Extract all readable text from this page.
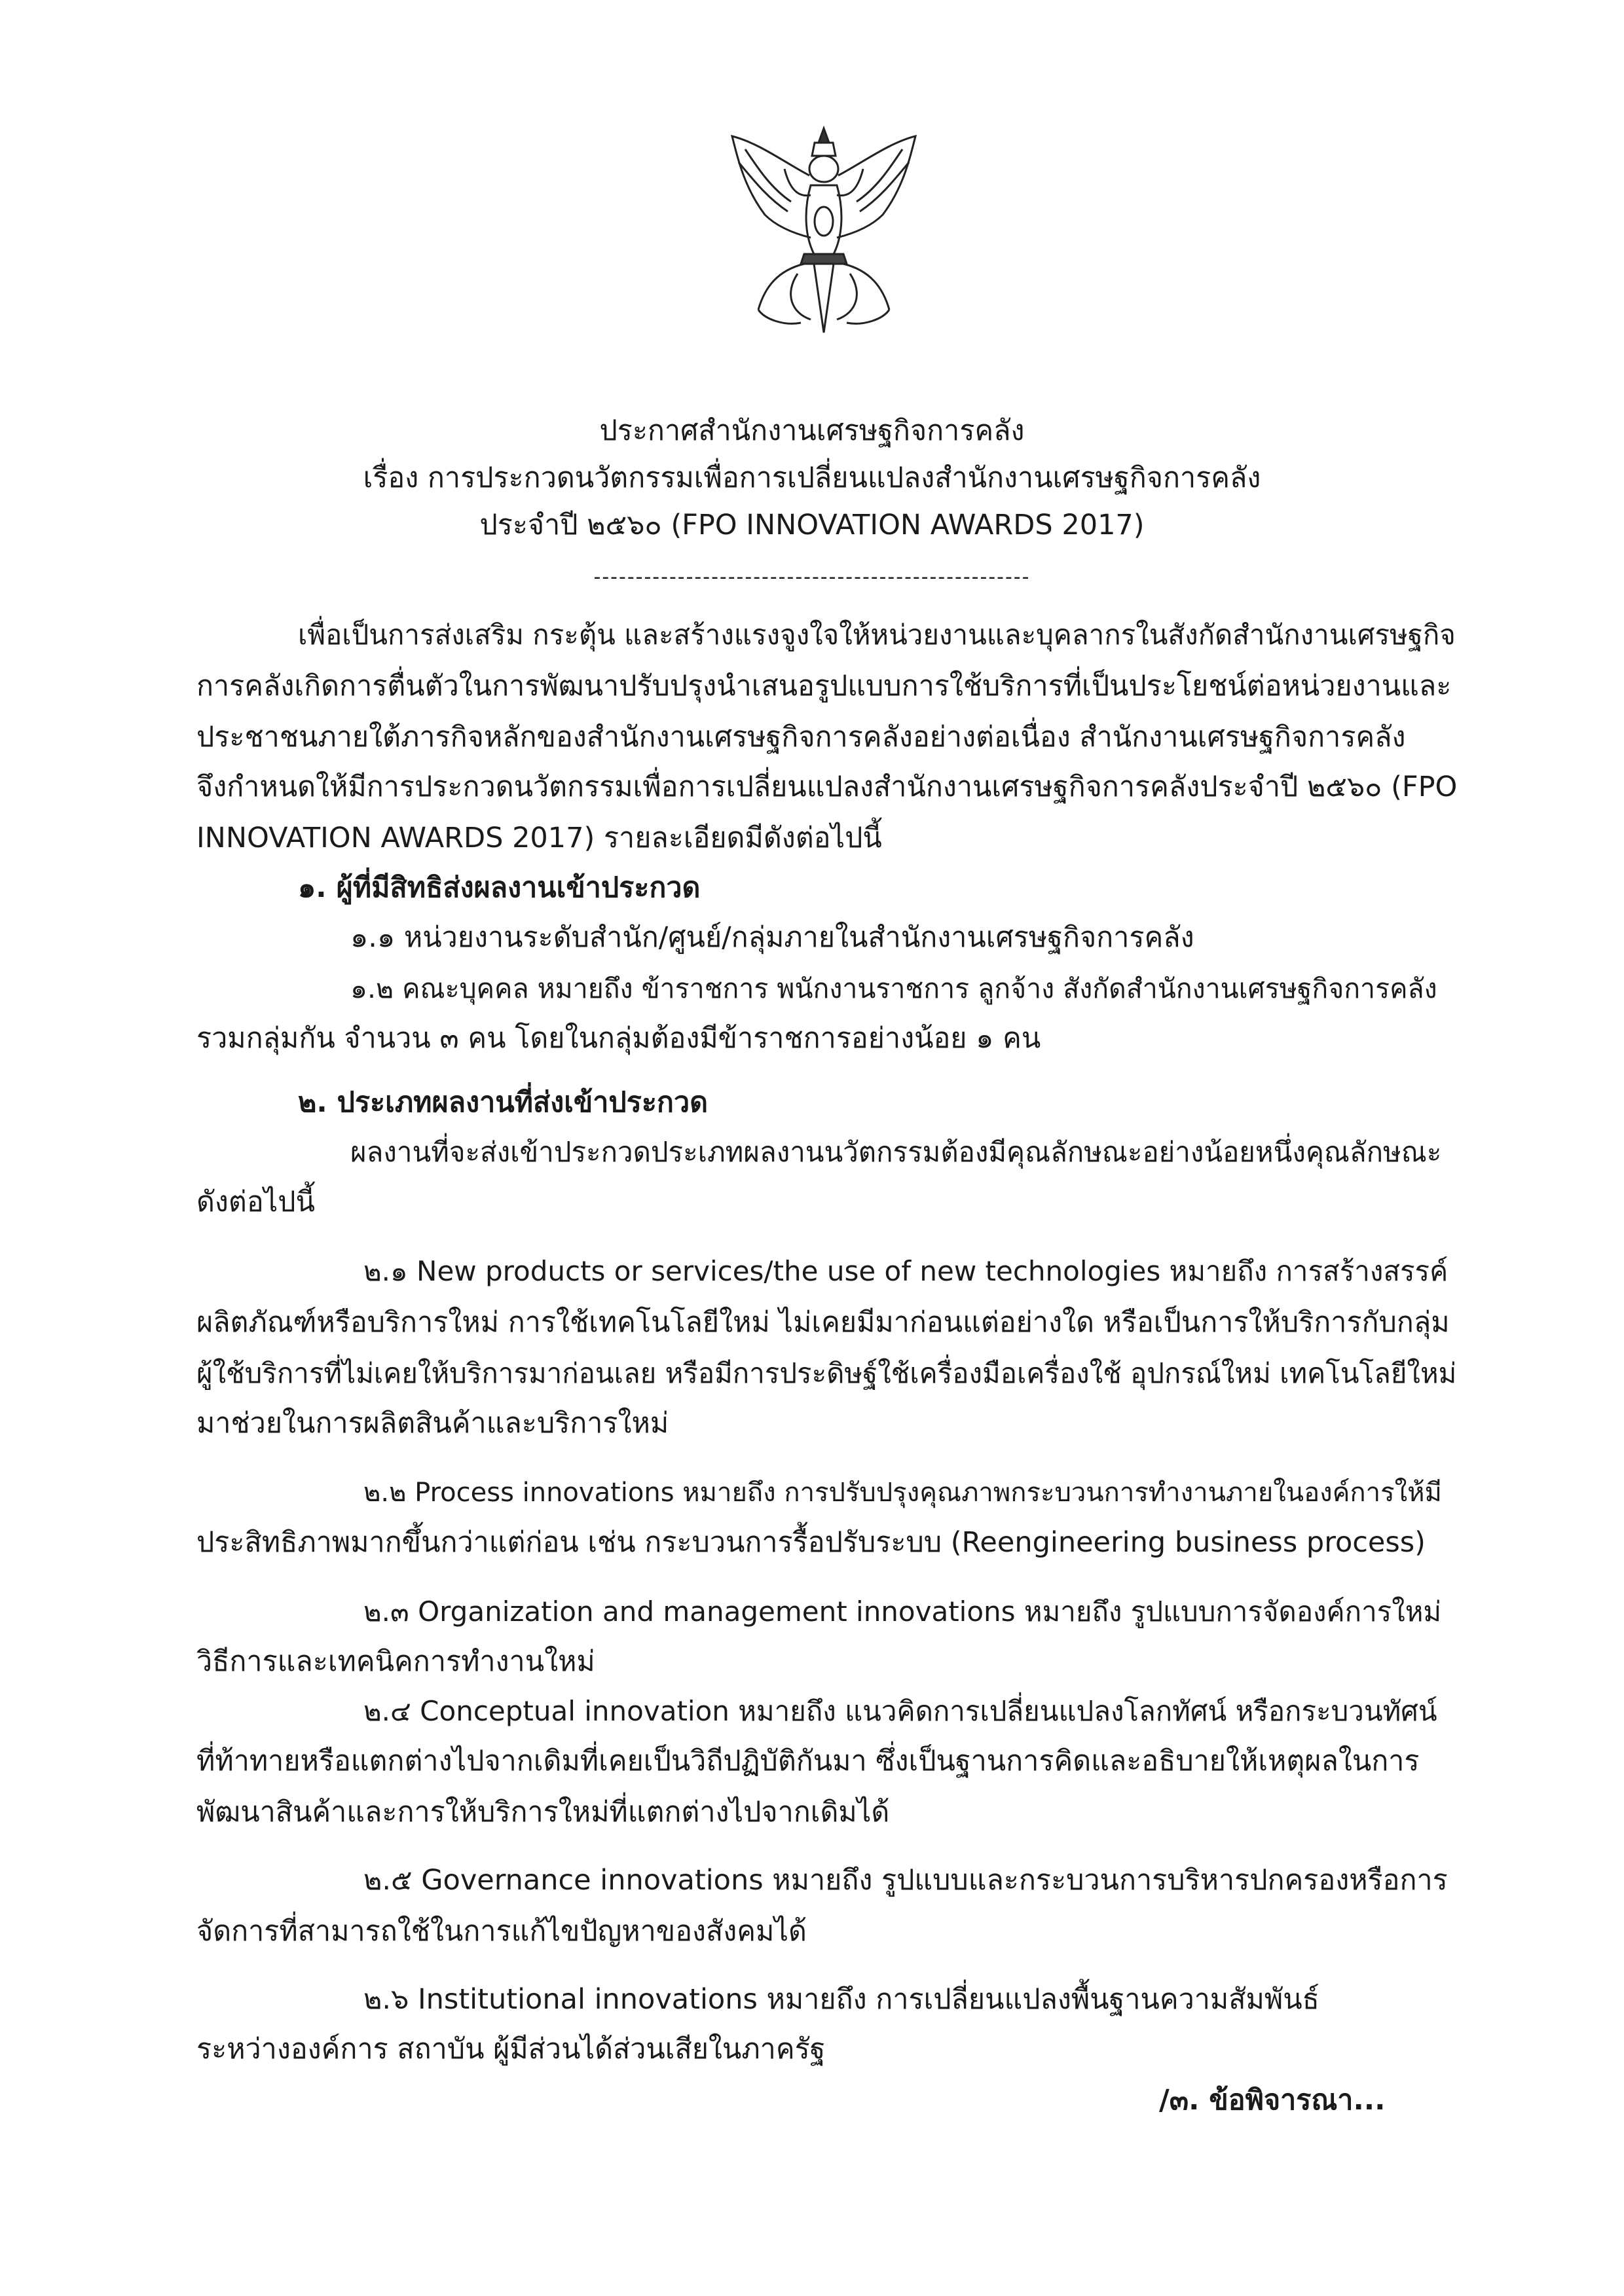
ประกาศสำนักงานเศรษฐกิจการคลัง
เรื่อง การประกวดนวัตกรรมเพื่อการเปลี่ยนแปลงสำนักงานเศรษฐกิจการคลัง
ประจำปี ๒๕๖๐ (FPO INNOVATION AWARDS 2017)
----------------------------------------------------
เพื่อเป็นการส่งเสริม กระตุ้น และสร้างแรงจูงใจให้หน่วยงานและบุคลากรในสังกัดสำนักงานเศรษฐกิจ
การคลังเกิดการตื่นตัวในการพัฒนาปรับปรุงนำเสนอรูปแบบการใช้บริการที่เป็นประโยชน์ต่อหน่วยงานและ
ประชาชนภายใต้ภารกิจหลักของสำนักงานเศรษฐกิจการคลังอย่างต่อเนื่อง สำนักงานเศรษฐกิจการคลัง
จึงกำหนดให้มีการประกวดนวัตกรรมเพื่อการเปลี่ยนแปลงสำนักงานเศรษฐกิจการคลังประจำปี ๒๕๖๐ (FPO
INNOVATION AWARDS 2017) รายละเอียดมีดังต่อไปนี้
๑. ผู้ที่มีสิทธิส่งผลงานเข้าประกวด
๑.๑ หน่วยงานระดับสำนัก/ศูนย์/กลุ่มภายในสำนักงานเศรษฐกิจการคลัง
๑.๒ คณะบุคคล หมายถึง ข้าราชการ พนักงานราชการ ลูกจ้าง สังกัดสำนักงานเศรษฐกิจการคลัง
รวมกลุ่มกัน จำนวน ๓ คน โดยในกลุ่มต้องมีข้าราชการอย่างน้อย ๑ คน
๒. ประเภทผลงานที่ส่งเข้าประกวด
ผลงานที่จะส่งเข้าประกวดประเภทผลงานนวัตกรรมต้องมีคุณลักษณะอย่างน้อยหนึ่งคุณลักษณะ
ดังต่อไปนี้
๒.๑ New products or services/the use of new technologies หมายถึง การสร้างสรรค์
ผลิตภัณฑ์หรือบริการใหม่ การใช้เทคโนโลยีใหม่ ไม่เคยมีมาก่อนแต่อย่างใด หรือเป็นการให้บริการกับกลุ่ม
ผู้ใช้บริการที่ไม่เคยให้บริการมาก่อนเลย หรือมีการประดิษฐ์ใช้เครื่องมือเครื่องใช้ อุปกรณ์ใหม่ เทคโนโลยีใหม่
มาช่วยในการผลิตสินค้าและบริการใหม่
๒.๒ Process innovations หมายถึง การปรับปรุงคุณภาพกระบวนการทำงานภายในองค์การให้มี
ประสิทธิภาพมากขึ้นกว่าแต่ก่อน เช่น กระบวนการรื้อปรับระบบ (Reengineering business process)
๒.๓ Organization and management innovations หมายถึง รูปแบบการจัดองค์การใหม่
วิธีการและเทคนิคการทำงานใหม่
๒.๔ Conceptual innovation หมายถึง แนวคิดการเปลี่ยนแปลงโลกทัศน์ หรือกระบวนทัศน์
ที่ท้าทายหรือแตกต่างไปจากเดิมที่เคยเป็นวิถีปฏิบัติกันมา ซึ่งเป็นฐานการคิดและอธิบายให้เหตุผลในการ
พัฒนาสินค้าและการให้บริการใหม่ที่แตกต่างไปจากเดิมได้
๒.๕ Governance innovations หมายถึง รูปแบบและกระบวนการบริหารปกครองหรือการ
จัดการที่สามารถใช้ในการแก้ไขปัญหาของสังคมได้
๒.๖ Institutional innovations หมายถึง การเปลี่ยนแปลงพื้นฐานความสัมพันธ์
ระหว่างองค์การ สถาบัน ผู้มีส่วนได้ส่วนเสียในภาครัฐ
/๓. ข้อพิจารณา...
